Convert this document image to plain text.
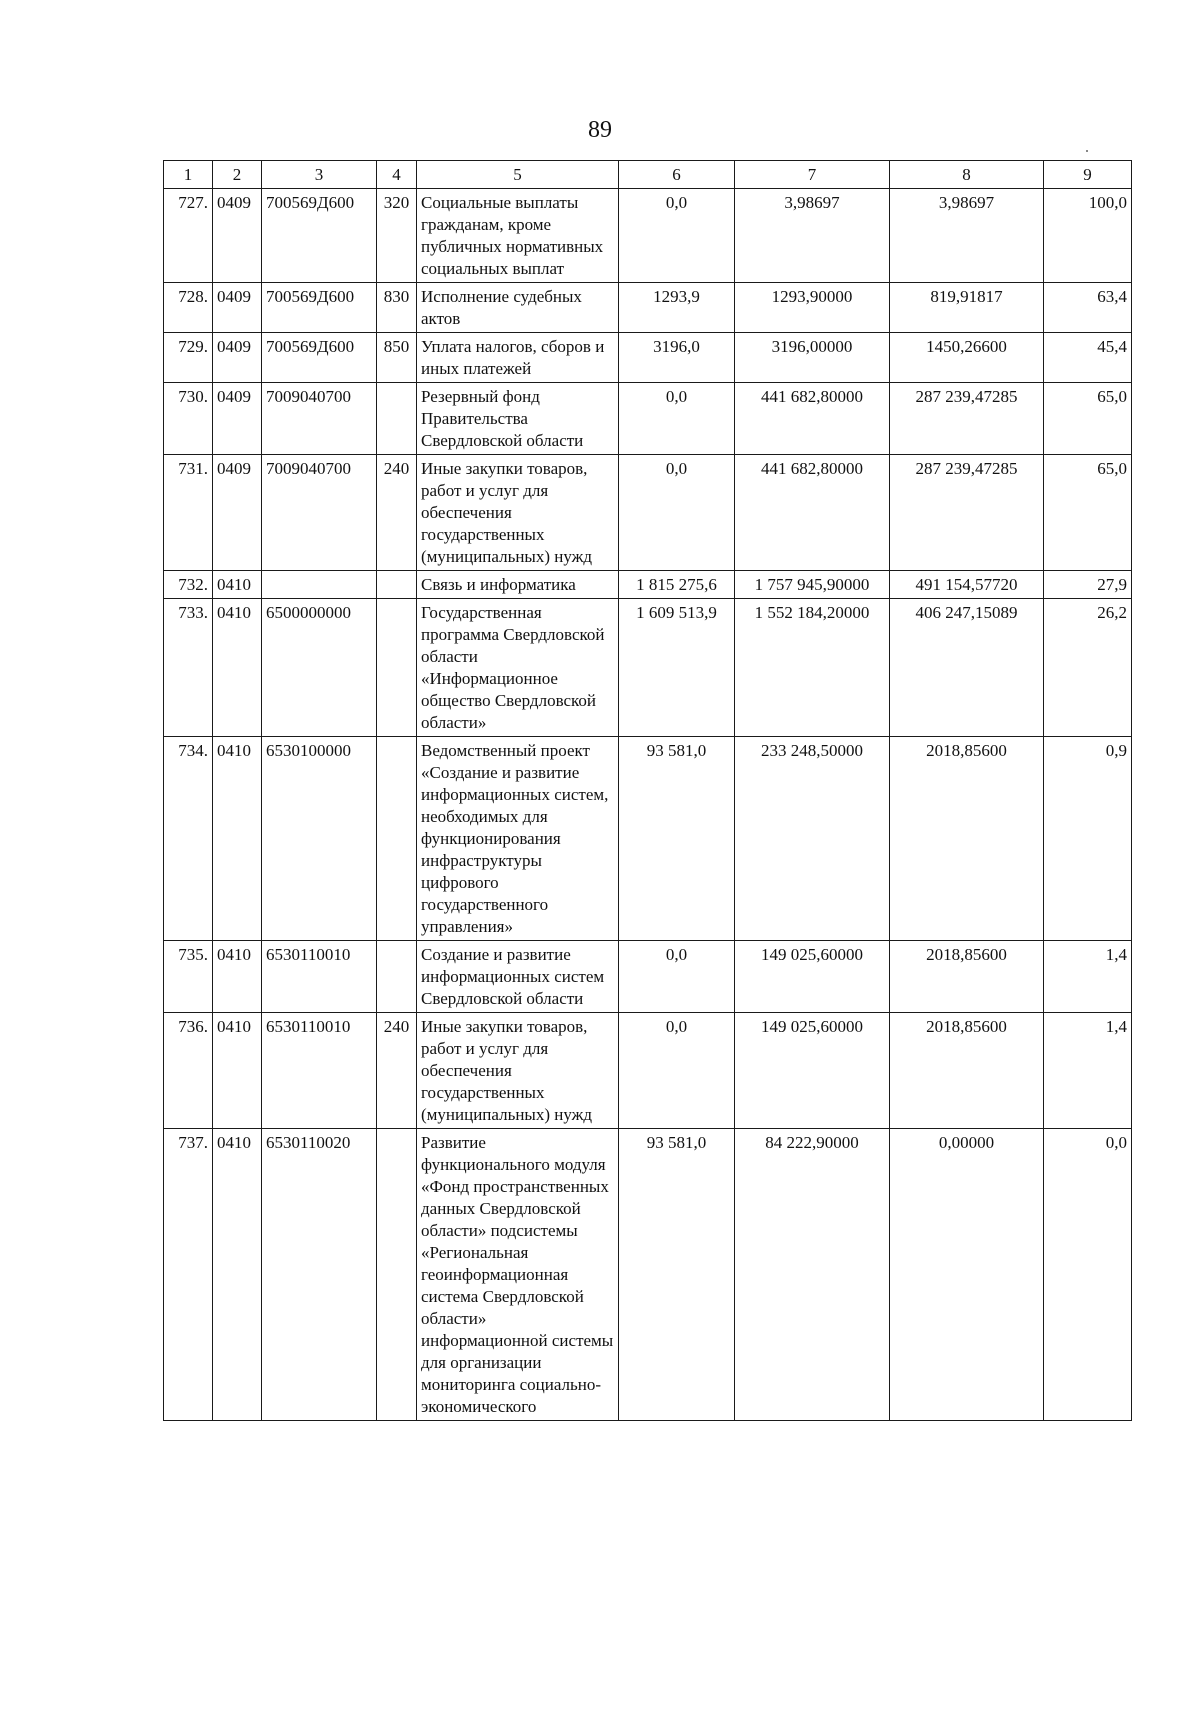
89
1	2	3	4	5	6	7	8	9
727.	0409	700569Д600	320	Социальные выплаты гражданам, кроме публичных нормативных социальных выплат	0,0	3,98697	3,98697	100,0
728.	0409	700569Д600	830	Исполнение судебных актов	1293,9	1293,90000	819,91817	63,4
729.	0409	700569Д600	850	Уплата налогов, сборов и иных платежей	3196,0	3196,00000	1450,26600	45,4
730.	0409	7009040700		Резервный фонд Правительства Свердловской области	0,0	441 682,80000	287 239,47285	65,0
731.	0409	7009040700	240	Иные закупки товаров, работ и услуг для обеспечения государственных (муниципальных) нужд	0,0	441 682,80000	287 239,47285	65,0
732.	0410			Связь и информатика	1 815 275,6	1 757 945,90000	491 154,57720	27,9
733.	0410	6500000000		Государственная программа Свердловской области «Информационное общество Свердловской области»	1 609 513,9	1 552 184,20000	406 247,15089	26,2
734.	0410	6530100000		Ведомственный проект «Создание и развитие информационных систем, необходимых для функционирования инфраструктуры цифрового государственного управления»	93 581,0	233 248,50000	2018,85600	0,9
735.	0410	6530110010		Создание и развитие информационных систем Свердловской области	0,0	149 025,60000	2018,85600	1,4
736.	0410	6530110010	240	Иные закупки товаров, работ и услуг для обеспечения государственных (муниципальных) нужд	0,0	149 025,60000	2018,85600	1,4
737.	0410	6530110020		Развитие функционального модуля «Фонд пространственных данных Свердловской области» подсистемы «Региональная геоинформационная система Свердловской области» информационной системы для организации мониторинга социально-экономического	93 581,0	84 222,90000	0,00000	0,0
